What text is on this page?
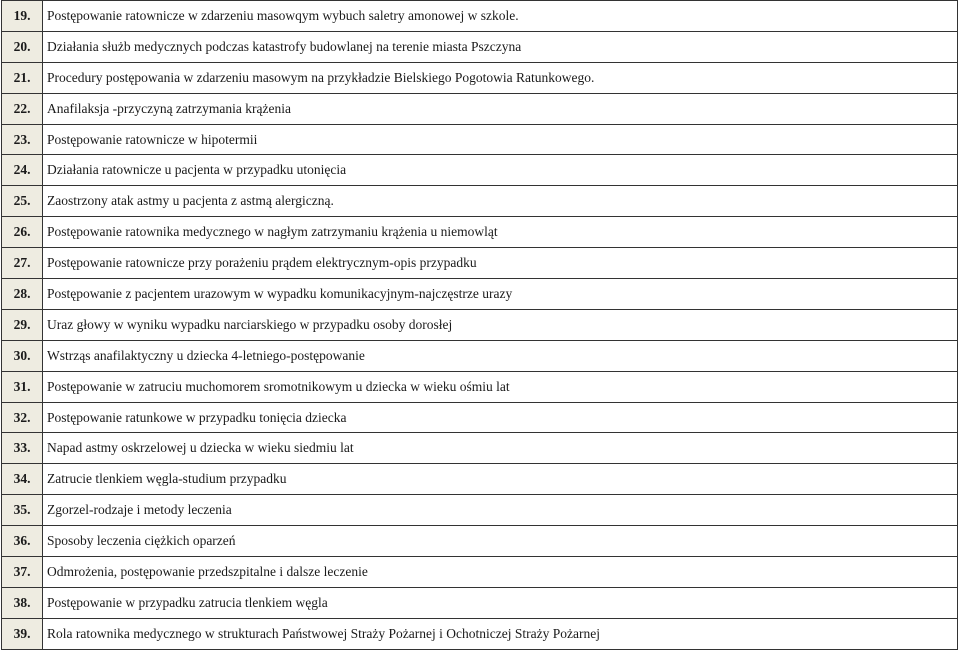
19.	Postępowanie ratownicze w zdarzeniu masowqym wybuch saletry amonowej w szkole.
20.	Działania służb medycznych podczas katastrofy budowlanej na terenie miasta Pszczyna
21.	Procedury postępowania w zdarzeniu masowym na przykładzie Bielskiego Pogotowia Ratunkowego.
22.	Anafilaksja -przyczyną zatrzymania krążenia
23.	Postępowanie ratownicze w hipotermii
24.	Działania ratownicze u pacjenta w przypadku utonięcia
25.	Zaostrzony atak astmy u pacjenta z astmą alergiczną.
26.	Postępowanie ratownika medycznego w nagłym zatrzymaniu krążenia u niemowląt
27.	Postępowanie ratownicze przy porażeniu prądem elektrycznym-opis przypadku
28.	Postępowanie z pacjentem urazowym w wypadku komunikacyjnym-najczęstrze urazy
29.	Uraz głowy w wyniku wypadku narciarskiego w przypadku osoby dorosłej
30.	Wstrząs anafilaktyczny u dziecka 4-letniego-postępowanie
31.	Postępowanie w zatruciu muchomorem sromotnikowym u dziecka w wieku ośmiu lat
32.	Postępowanie ratunkowe w przypadku tonięcia dziecka
33.	Napad astmy oskrzelowej u dziecka w wieku siedmiu lat
34.	Zatrucie tlenkiem węgla-studium przypadku
35.	Zgorzel-rodzaje i metody leczenia
36.	Sposoby leczenia ciężkich oparzeń
37.	Odmrożenia, postępowanie przedszpitalne i dalsze leczenie
38.	Postępowanie w przypadku zatrucia tlenkiem węgla
39.	Rola ratownika medycznego w strukturach Państwowej Straży Pożarnej i Ochotniczej Straży Pożarnej
